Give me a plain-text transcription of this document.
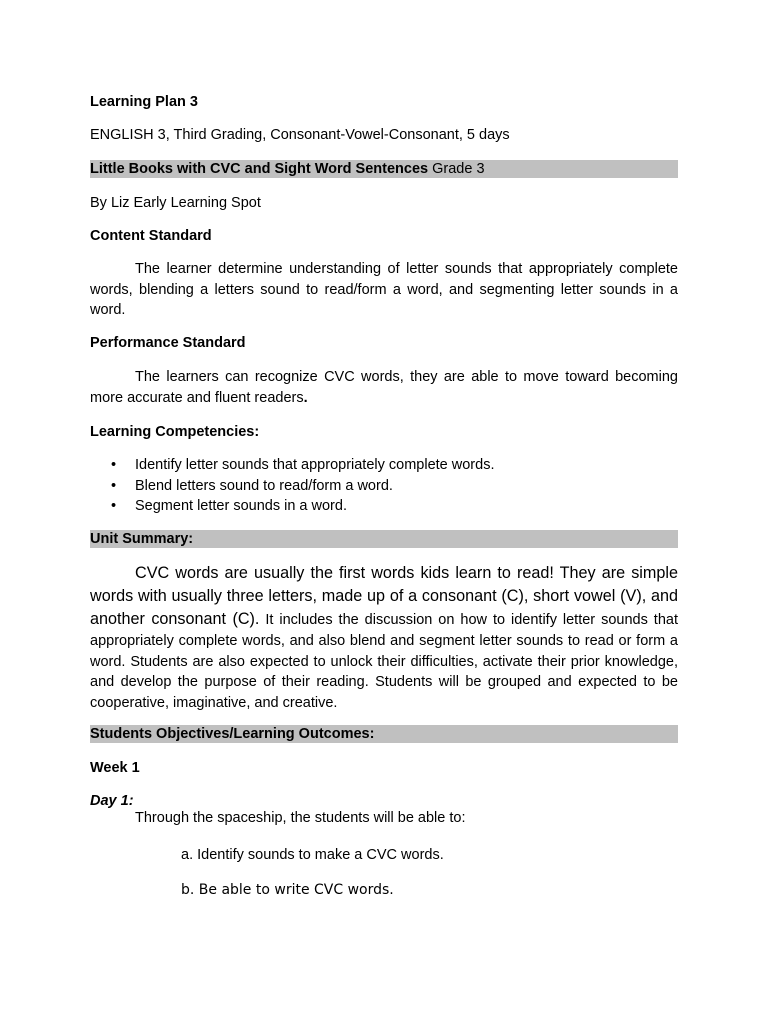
Learning Plan 3

ENGLISH 3, Third Grading, Consonant-Vowel-Consonant, 5 days

Little Books with CVC and Sight Word Sentences Grade 3

By Liz Early Learning Spot

Content Standard

The learner determine understanding of letter sounds that appropriately complete words, blending a letters sound to read/form a word, and segmenting letter sounds in a word.

Performance Standard

The learners can recognize CVC words, they are able to move toward becoming more accurate and fluent readers.

Learning Competencies:

• Identify letter sounds that appropriately complete words.
• Blend letters sound to read/form a word.
• Segment letter sounds in a word.

Unit Summary:

CVC words are usually the first words kids learn to read! They are simple words with usually three letters, made up of a consonant (C), short vowel (V), and another consonant (C). It includes the discussion on how to identify letter sounds that appropriately complete words, and also blend and segment letter sounds to read or form a word. Students are also expected to unlock their difficulties, activate their prior knowledge, and develop the purpose of their reading. Students will be grouped and expected to be cooperative, imaginative, and creative.

Students Objectives/Learning Outcomes:

Week 1

Day 1:

Through the spaceship, the students will be able to:

a. Identify sounds to make a CVC words.

b. Be able to write CVC words.
